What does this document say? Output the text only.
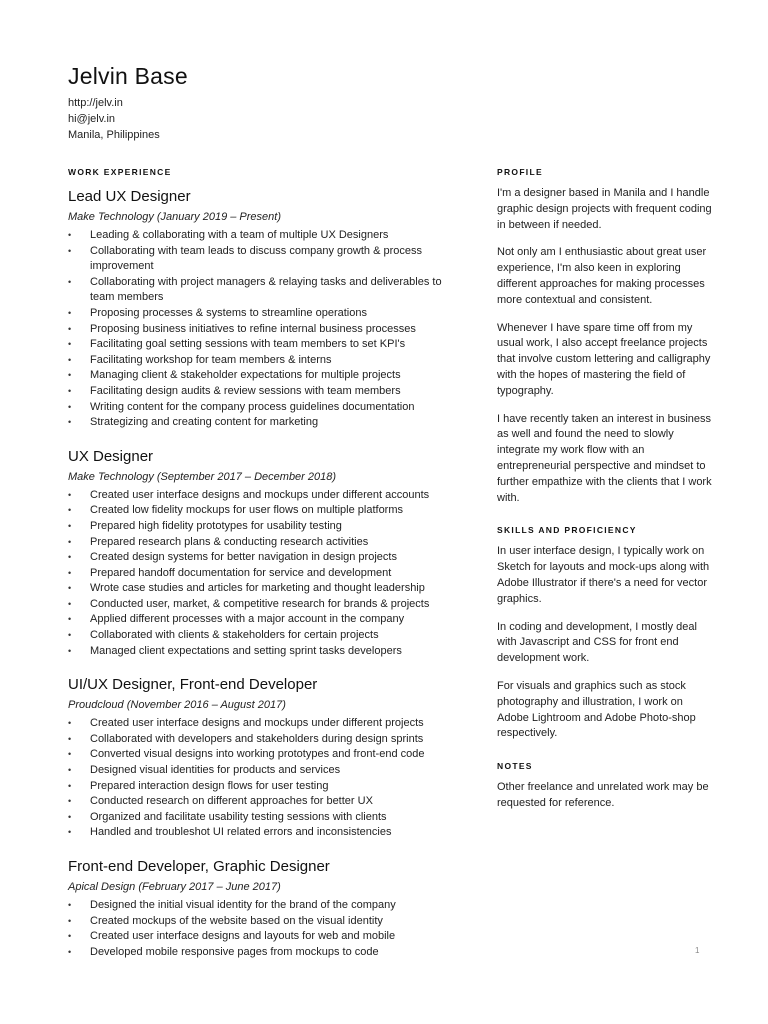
Jelvin Base
http://jelv.in
hi@jelv.in
Manila, Philippines
WORK EXPERIENCE
Lead UX Designer
Make Technology (January 2019 – Present)
• Leading & collaborating with a team of multiple UX Designers
• Collaborating with team leads to discuss company growth & process improvement
• Collaborating with project managers & relaying tasks and deliverables to team members
• Proposing processes & systems to streamline operations
• Proposing business initiatives to refine internal business processes
• Facilitating goal setting sessions with team members to set KPI's
• Facilitating workshop for team members & interns
• Managing client & stakeholder expectations for multiple projects
• Facilitating design audits & review sessions with team members
• Writing content for the company process guidelines documentation
• Strategizing and creating content for marketing
UX Designer
Make Technology (September 2017 – December 2018)
• Created user interface designs and mockups under different accounts
• Created low fidelity mockups for user flows on multiple platforms
• Prepared high fidelity prototypes for usability testing
• Prepared research plans & conducting research activities
• Created design systems for better navigation in design projects
• Prepared handoff documentation for service and development
• Wrote case studies and articles for marketing and thought leadership
• Conducted user, market, & competitive research for brands & projects
• Applied different processes with a major account in the company
• Collaborated with clients & stakeholders for certain projects
• Managed client expectations and setting sprint tasks developers
UI/UX Designer, Front-end Developer
Proudcloud (November 2016 – August 2017)
• Created user interface designs and mockups under different projects
• Collaborated with developers and stakeholders during design sprints
• Converted visual designs into working prototypes and front-end code
• Designed visual identities for products and services
• Prepared interaction design flows for user testing
• Conducted research on different approaches for better UX
• Organized and facilitate usability testing sessions with clients
• Handled and troubleshot UI related errors and inconsistencies
Front-end Developer, Graphic Designer
Apical Design (February 2017 – June 2017)
• Designed the initial visual identity for the brand of the company
• Created mockups of the website based on the visual identity
• Created user interface designs and layouts for web and mobile
• Developed mobile responsive pages from mockups to code
PROFILE

I'm a designer based in Manila and I handle graphic design projects with frequent coding in between if needed.

Not only am I enthusiastic about great user experience, I'm also keen in exploring different approaches for making processes more contextual and consistent.

Whenever I have spare time off from my usual work, I also accept freelance projects that involve custom lettering and calligraphy with the hopes of mastering the field of typography.

I have recently taken an interest in business as well and found the need to slowly integrate my work flow with an entrepreneurial perspective and mindset to further empathize with the clients that I work with.

SKILLS AND PROFICIENCY

In user interface design, I typically work on Sketch for layouts and mock-ups along with Adobe Illustrator if there's a need for vector graphics.

In coding and development, I mostly deal with Javascript and CSS for front end development work.

For visuals and graphics such as stock photography and illustration, I work on Adobe Lightroom and Adobe Photo-shop respectively.

NOTES

Other freelance and unrelated work may be requested for reference.

1
